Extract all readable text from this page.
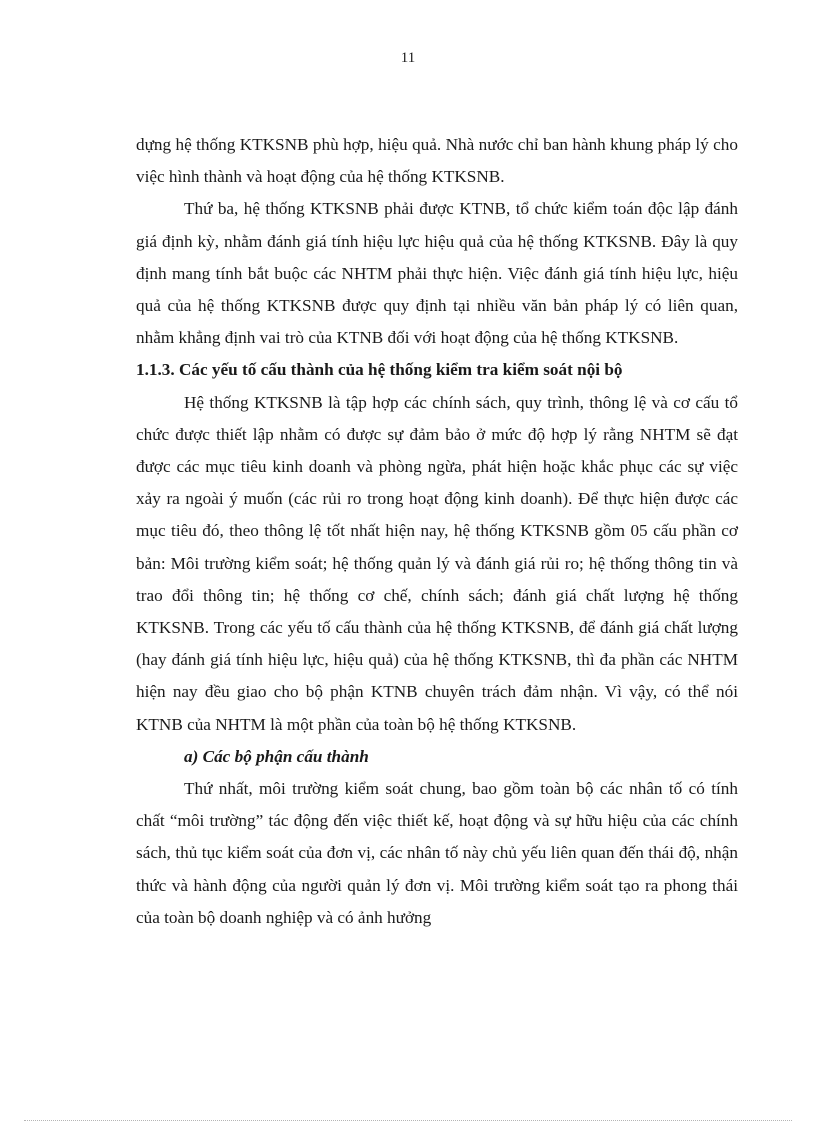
11

dựng hệ thống KTKSNB phù hợp, hiệu quả. Nhà nước chỉ ban hành khung pháp lý cho việc hình thành và hoạt động của hệ thống KTKSNB.

Thứ ba, hệ thống KTKSNB phải được KTNB, tổ chức kiểm toán độc lập đánh giá định kỳ, nhằm đánh giá tính hiệu lực hiệu quả của hệ thống KTKSNB. Đây là quy định mang tính bắt buộc các NHTM phải thực hiện. Việc đánh giá tính hiệu lực, hiệu quả của hệ thống KTKSNB được quy định tại nhiều văn bản pháp lý có liên quan, nhằm khẳng định vai trò của KTNB đối với hoạt động của hệ thống KTKSNB.

1.1.3. Các yếu tố cấu thành của hệ thống kiểm tra kiểm soát nội bộ

Hệ thống KTKSNB là tập hợp các chính sách, quy trình, thông lệ và cơ cấu tổ chức được thiết lập nhằm có được sự đảm bảo ở mức độ hợp lý rằng NHTM sẽ đạt được các mục tiêu kinh doanh và phòng ngừa, phát hiện hoặc khắc phục các sự việc xảy ra ngoài ý muốn (các rủi ro trong hoạt động kinh doanh). Để thực hiện được các mục tiêu đó, theo thông lệ tốt nhất hiện nay, hệ thống KTKSNB gồm 05 cấu phần cơ bản: Môi trường kiểm soát; hệ thống quản lý và đánh giá rủi ro; hệ thống thông tin và trao đổi thông tin; hệ thống cơ chế, chính sách; đánh giá chất lượng hệ thống KTKSNB. Trong các yếu tố cấu thành của hệ thống KTKSNB, để đánh giá chất lượng (hay đánh giá tính hiệu lực, hiệu quả) của hệ thống KTKSNB, thì đa phần các NHTM hiện nay đều giao cho bộ phận KTNB chuyên trách đảm nhận. Vì vậy, có thể nói KTNB của NHTM là một phần của toàn bộ hệ thống KTKSNB.

a) Các bộ phận cấu thành

Thứ nhất, môi trường kiểm soát chung, bao gồm toàn bộ các nhân tố có tính chất “môi trường” tác động đến việc thiết kế, hoạt động và sự hữu hiệu của các chính sách, thủ tục kiểm soát của đơn vị, các nhân tố này chủ yếu liên quan đến thái độ, nhận thức và hành động của người quản lý đơn vị. Môi trường kiểm soát tạo ra phong thái của toàn bộ doanh nghiệp và có ảnh hưởng
